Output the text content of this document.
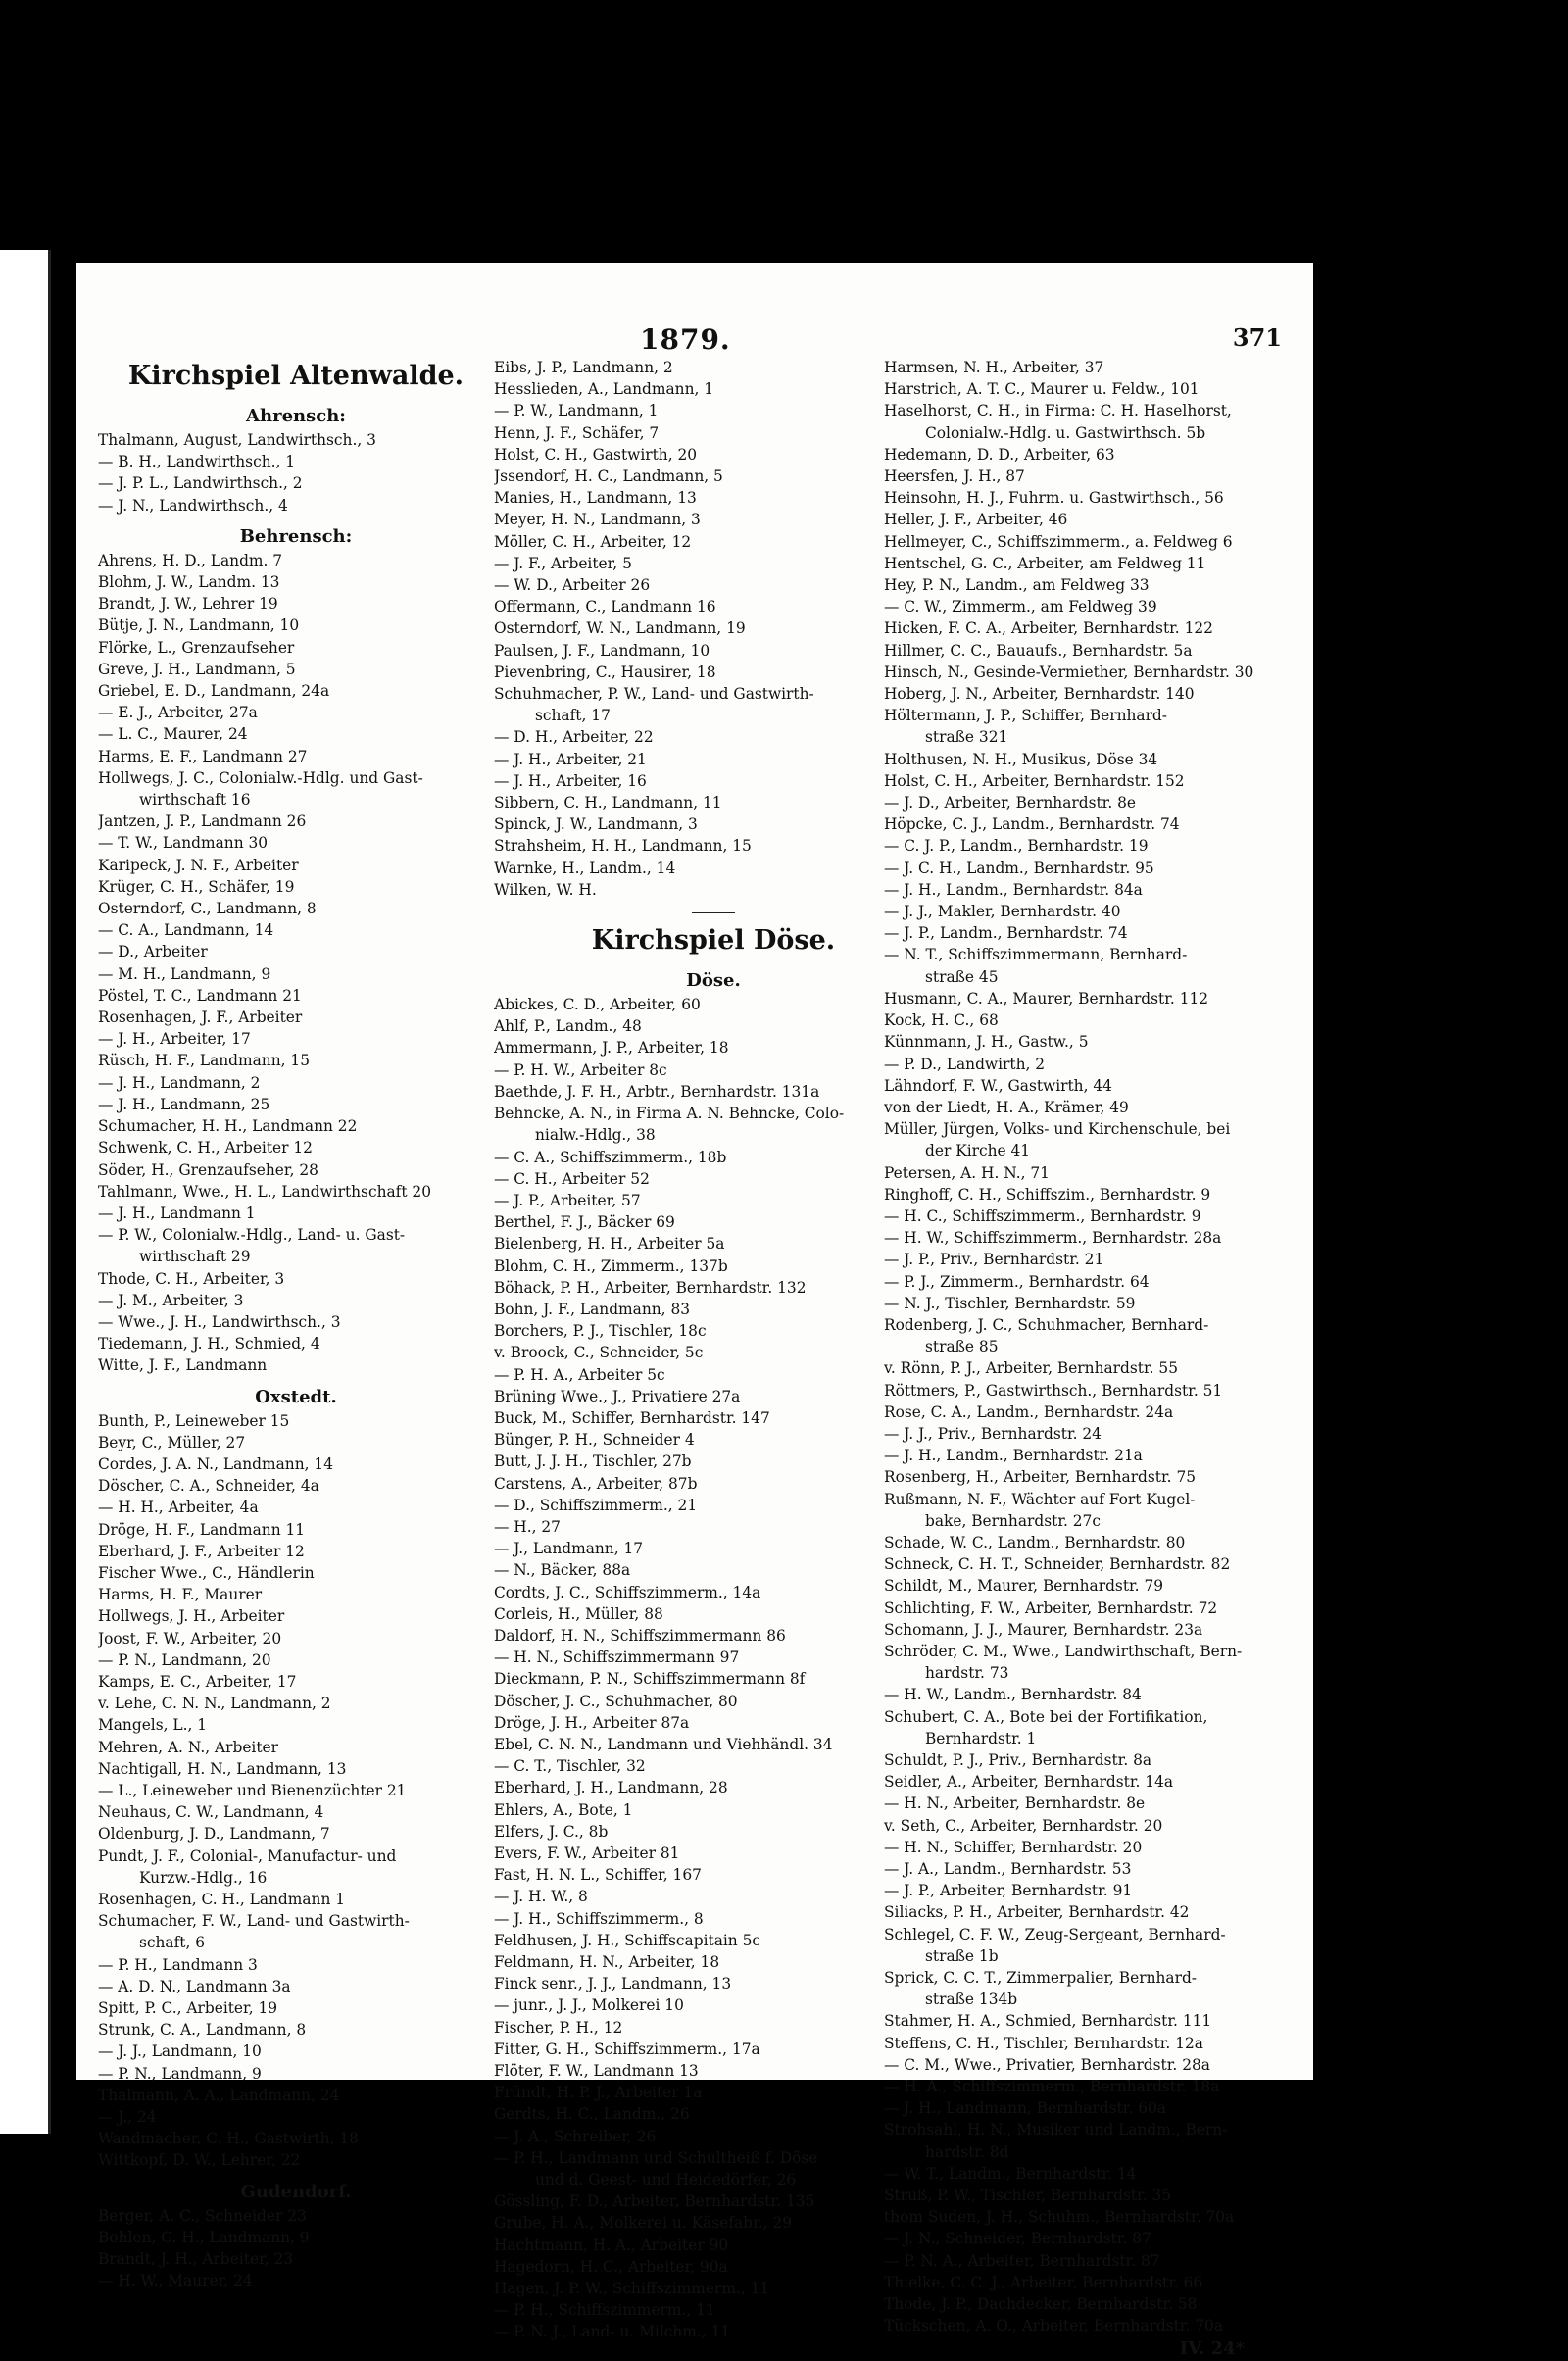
1879.	371
Kirchspiel Altenwalde.
Ahrensch:
Thalmann, August, Landwirthsch., 3
— B. H., Landwirthsch., 1
— J. P. L., Landwirthsch., 2
— J. N., Landwirthsch., 4
Behrensch:
Ahrens, H. D., Landm. 7
Blohm, J. W., Landm. 13
Brandt, J. W., Lehrer 19
Bütje, J. N., Landmann, 10
Flörke, L., Grenzaufseher
Greve, J. H., Landmann, 5
Griebel, E. D., Landmann, 24a
— E. J., Arbeiter, 27a
— L. C., Maurer, 24
Harms, E. F., Landmann 27
Hollwegs, J. C., Colonialw.-Hdlg. und Gast-
wirthschaft 16
Jantzen, J. P., Landmann 26
— T. W., Landmann 30
Karipeck, J. N. F., Arbeiter
Krüger, C. H., Schäfer, 19
Osterndorf, C., Landmann, 8
— C. A., Landmann, 14
— D., Arbeiter
— M. H., Landmann, 9
Pöstel, T. C., Landmann 21
Rosenhagen, J. F., Arbeiter
— J. H., Arbeiter, 17
Rüsch, H. F., Landmann, 15
— J. H., Landmann, 2
— J. H., Landmann, 25
Schumacher, H. H., Landmann 22
Schwenk, C. H., Arbeiter 12
Söder, H., Grenzaufseher, 28
Tahlmann, Wwe., H. L., Landwirthschaft 20
— J. H., Landmann 1
— P. W., Colonialw.-Hdlg., Land- u. Gast-
wirthschaft 29
Thode, C. H., Arbeiter, 3
— J. M., Arbeiter, 3
— Wwe., J. H., Landwirthsch., 3
Tiedemann, J. H., Schmied, 4
Witte, J. F., Landmann
Oxstedt.
Bunth, P., Leineweber 15
Beyr, C., Müller, 27
Cordes, J. A. N., Landmann, 14
Döscher, C. A., Schneider, 4a
— H. H., Arbeiter, 4a
Dröge, H. F., Landmann 11
Eberhard, J. F., Arbeiter 12
Fischer Wwe., C., Händlerin
Harms, H. F., Maurer
Hollwegs, J. H., Arbeiter
Joost, F. W., Arbeiter, 20
— P. N., Landmann, 20
Kamps, E. C., Arbeiter, 17
v. Lehe, C. N. N., Landmann, 2
Mangels, L., 1
Mehren, A. N., Arbeiter
Nachtigall, H. N., Landmann, 13
— L., Leineweber und Bienenzüchter 21
Neuhaus, C. W., Landmann, 4
Oldenburg, J. D., Landmann, 7
Pundt, J. F., Colonial-, Manufactur- und
Kurzw.-Hdlg., 16
Rosenhagen, C. H., Landmann 1
Schumacher, F. W., Land- und Gastwirth-
schaft, 6
— P. H., Landmann 3
— A. D. N., Landmann 3a
Spitt, P. C., Arbeiter, 19
Strunk, C. A., Landmann, 8
— J. J., Landmann, 10
— P. N., Landmann, 9
Thalmann, A. A., Landmann, 24
— J., 24
Wandmacher, C. H., Gastwirth, 18
Wittkopf, D. W., Lehrer, 22
Gudendorf.
Berger, A. C., Schneider 23
Bohlen, C. H., Landmann, 9
Brandt, J. H., Arbeiter, 23
— H. W., Maurer, 24
Eibs, J. P., Landmann, 2
Hesslieden, A., Landmann, 1
— P. W., Landmann, 1
Henn, J. F., Schäfer, 7
Holst, C. H., Gastwirth, 20
Jssendorf, H. C., Landmann, 5
Manies, H., Landmann, 13
Meyer, H. N., Landmann, 3
Möller, C. H., Arbeiter, 12
— J. F., Arbeiter, 5
— W. D., Arbeiter 26
Offermann, C., Landmann 16
Osterndorf, W. N., Landmann, 19
Paulsen, J. F., Landmann, 10
Pievenbring, C., Hausirer, 18
Schuhmacher, P. W., Land- und Gastwirth-
schaft, 17
— D. H., Arbeiter, 22
— J. H., Arbeiter, 21
— J. H., Arbeiter, 16
Sibbern, C. H., Landmann, 11
Spinck, J. W., Landmann, 3
Strahsheim, H. H., Landmann, 15
Warnke, H., Landm., 14
Wilken, W. H.
Kirchspiel Döse.
Döse.
Abickes, C. D., Arbeiter, 60
Ahlf, P., Landm., 48
Ammermann, J. P., Arbeiter, 18
— P. H. W., Arbeiter 8c
Baethde, J. F. H., Arbtr., Bernhardstr. 131a
Behncke, A. N., in Firma A. N. Behncke, Colo-
nialw.-Hdlg., 38
— C. A., Schiffszimmerm., 18b
— C. H., Arbeiter 52
— J. P., Arbeiter, 57
Berthel, F. J., Bäcker 69
Bielenberg, H. H., Arbeiter 5a
Blohm, C. H., Zimmerm., 137b
Böhack, P. H., Arbeiter, Bernhardstr. 132
Bohn, J. F., Landmann, 83
Borchers, P. J., Tischler, 18c
v. Broock, C., Schneider, 5c
— P. H. A., Arbeiter 5c
Brüning Wwe., J., Privatiere 27a
Buck, M., Schiffer, Bernhardstr. 147
Bünger, P. H., Schneider 4
Butt, J. J. H., Tischler, 27b
Carstens, A., Arbeiter, 87b
— D., Schiffszimmerm., 21
— H., 27
— J., Landmann, 17
— N., Bäcker, 88a
Cordts, J. C., Schiffszimmerm., 14a
Corleis, H., Müller, 88
Daldorf, H. N., Schiffszimmermann 86
— H. N., Schiffszimmermann 97
Dieckmann, P. N., Schiffszimmermann 8f
Döscher, J. C., Schuhmacher, 80
Dröge, J. H., Arbeiter 87a
Ebel, C. N. N., Landmann und Viehhändl. 34
— C. T., Tischler, 32
Eberhard, J. H., Landmann, 28
Ehlers, A., Bote, 1
Elfers, J. C., 8b
Evers, F. W., Arbeiter 81
Fast, H. N. L., Schiffer, 167
— J. H. W., 8
— J. H., Schiffszimmerm., 8
Feldhusen, J. H., Schiffscapitain 5c
Feldmann, H. N., Arbeiter, 18
Finck senr., J. J., Landmann, 13
— junr., J. J., Molkerei 10
Fischer, P. H., 12
Fitter, G. H., Schiffszimmerm., 17a
Flöter, F. W., Landmann 13
Fründt, H. P. J., Arbeiter 1a
Gerdts, H. C., Landm., 26
— J. A., Schreiber, 26
— P. H., Landmann und Schultheiß f. Döse
und d. Geest- und Heidedörfer, 26
Gössling, F. D., Arbeiter, Bernhardstr. 135
Grube, H. A., Molkerei u. Käsefabr., 29
Hachtmann, H. A., Arbeiter 90
Hagedorn, H. C., Arbeiter, 90a
Hagen, J. P. W., Schiffszimmerm., 11
— P. H., Schiffszimmerm., 11
— P. N. J., Land- u. Milchm., 11
Harmsen, N. H., Arbeiter, 37
Harstrich, A. T. C., Maurer u. Feldw., 101
Haselhorst, C. H., in Firma: C. H. Haselhorst,
Colonialw.-Hdlg. u. Gastwirthsch. 5b
Hedemann, D. D., Arbeiter, 63
Heersfen, J. H., 87
Heinsohn, H. J., Fuhrm. u. Gastwirthsch., 56
Heller, J. F., Arbeiter, 46
Hellmeyer, C., Schiffszimmerm., a. Feldweg 6
Hentschel, G. C., Arbeiter, am Feldweg 11
Hey, P. N., Landm., am Feldweg 33
— C. W., Zimmerm., am Feldweg 39
Hicken, F. C. A., Arbeiter, Bernhardstr. 122
Hillmer, C. C., Bauaufs., Bernhardstr. 5a
Hinsch, N., Gesinde-Vermiether, Bernhardstr. 30
Hoberg, J. N., Arbeiter, Bernhardstr. 140
Höltermann, J. P., Schiffer, Bernhard-
straße 321
Holthusen, N. H., Musikus, Döse 34
Holst, C. H., Arbeiter, Bernhardstr. 152
— J. D., Arbeiter, Bernhardstr. 8e
Höpcke, C. J., Landm., Bernhardstr. 74
— C. J. P., Landm., Bernhardstr. 19
— J. C. H., Landm., Bernhardstr. 95
— J. H., Landm., Bernhardstr. 84a
— J. J., Makler, Bernhardstr. 40
— J. P., Landm., Bernhardstr. 74
— N. T., Schiffszimmermann, Bernhard-
straße 45
Husmann, C. A., Maurer, Bernhardstr. 112
Kock, H. C., 68
Künnmann, J. H., Gastw., 5
— P. D., Landwirth, 2
Lähndorf, F. W., Gastwirth, 44
von der Liedt, H. A., Krämer, 49
Müller, Jürgen, Volks- und Kirchenschule, bei
der Kirche 41
Petersen, A. H. N., 71
Ringhoff, C. H., Schiffszim., Bernhardstr. 9
— H. C., Schiffszimmerm., Bernhardstr. 9
— H. W., Schiffszimmerm., Bernhardstr. 28a
— J. P., Priv., Bernhardstr. 21
— P. J., Zimmerm., Bernhardstr. 64
— N. J., Tischler, Bernhardstr. 59
Rodenberg, J. C., Schuhmacher, Bernhard-
straße 85
v. Rönn, P. J., Arbeiter, Bernhardstr. 55
Röttmers, P., Gastwirthsch., Bernhardstr. 51
Rose, C. A., Landm., Bernhardstr. 24a
— J. J., Priv., Bernhardstr. 24
— J. H., Landm., Bernhardstr. 21a
Rosenberg, H., Arbeiter, Bernhardstr. 75
Rußmann, N. F., Wächter auf Fort Kugel-
bake, Bernhardstr. 27c
Schade, W. C., Landm., Bernhardstr. 80
Schneck, C. H. T., Schneider, Bernhardstr. 82
Schildt, M., Maurer, Bernhardstr. 79
Schlichting, F. W., Arbeiter, Bernhardstr. 72
Schomann, J. J., Maurer, Bernhardstr. 23a
Schröder, C. M., Wwe., Landwirthschaft, Bern-
hardstr. 73
— H. W., Landm., Bernhardstr. 84
Schubert, C. A., Bote bei der Fortifikation,
Bernhardstr. 1
Schuldt, P. J., Priv., Bernhardstr. 8a
Seidler, A., Arbeiter, Bernhardstr. 14a
— H. N., Arbeiter, Bernhardstr. 8e
v. Seth, C., Arbeiter, Bernhardstr. 20
— H. N., Schiffer, Bernhardstr. 20
— J. A., Landm., Bernhardstr. 53
— J. P., Arbeiter, Bernhardstr. 91
Siliacks, P. H., Arbeiter, Bernhardstr. 42
Schlegel, C. F. W., Zeug-Sergeant, Bernhard-
straße 1b
Sprick, C. C. T., Zimmerpalier, Bernhard-
straße 134b
Stahmer, H. A., Schmied, Bernhardstr. 111
Steffens, C. H., Tischler, Bernhardstr. 12a
— C. M., Wwe., Privatier, Bernhardstr. 28a
— H. A., Schiffszimmerm., Bernhardstr. 18a
— J. H., Landmann, Bernhardstr. 60a
Strohsahl, H. N., Musiker und Landm., Bern-
hardstr. 8d
— W. T., Landm., Bernhardstr. 14
Struß, P. W., Tischler, Bernhardstr. 35
thom Suden, J. H., Schuhm., Bernhardstr. 70a
— J. N., Schneider, Bernhardstr. 87
— P. N. A., Arbeiter, Bernhardstr. 87
Thielke, C. C. J., Arbeiter, Bernhardstr. 66
Thode, J. P., Dachdecker, Bernhardstr. 58
Tückschen, A. O., Arbeiter, Bernhardstr. 70a
IV. 24*
